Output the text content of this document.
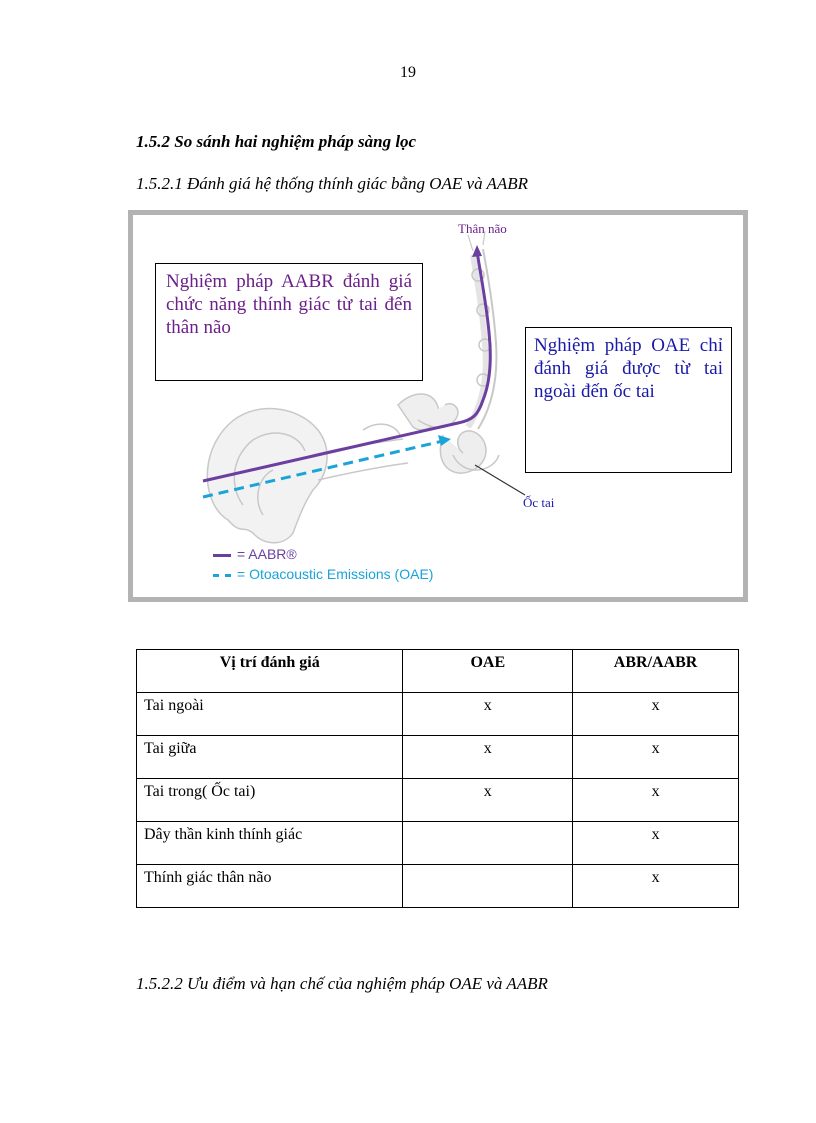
19
1.5.2 So sánh hai nghiệm pháp sàng lọc
1.5.2.1 Đánh giá hệ thống thính giác bằng OAE và AABR
Thân não
Nghiệm pháp AABR đánh giá chức năng thính giác từ tai đến thân não
Nghiệm pháp OAE chỉ đánh giá được từ tai ngoài đến ốc tai
Ốc tai
= AABR®
= Otoacoustic Emissions (OAE)
Vị trí đánh giá	OAE	ABR/AABR
Tai ngoài	x	x
Tai giữa	x	x
Tai trong( Ốc tai)	x	x
Dây thần kinh thính giác		x
Thính giác thân não		x
1.5.2.2 Ưu điểm và hạn chế của nghiệm pháp OAE và AABR
